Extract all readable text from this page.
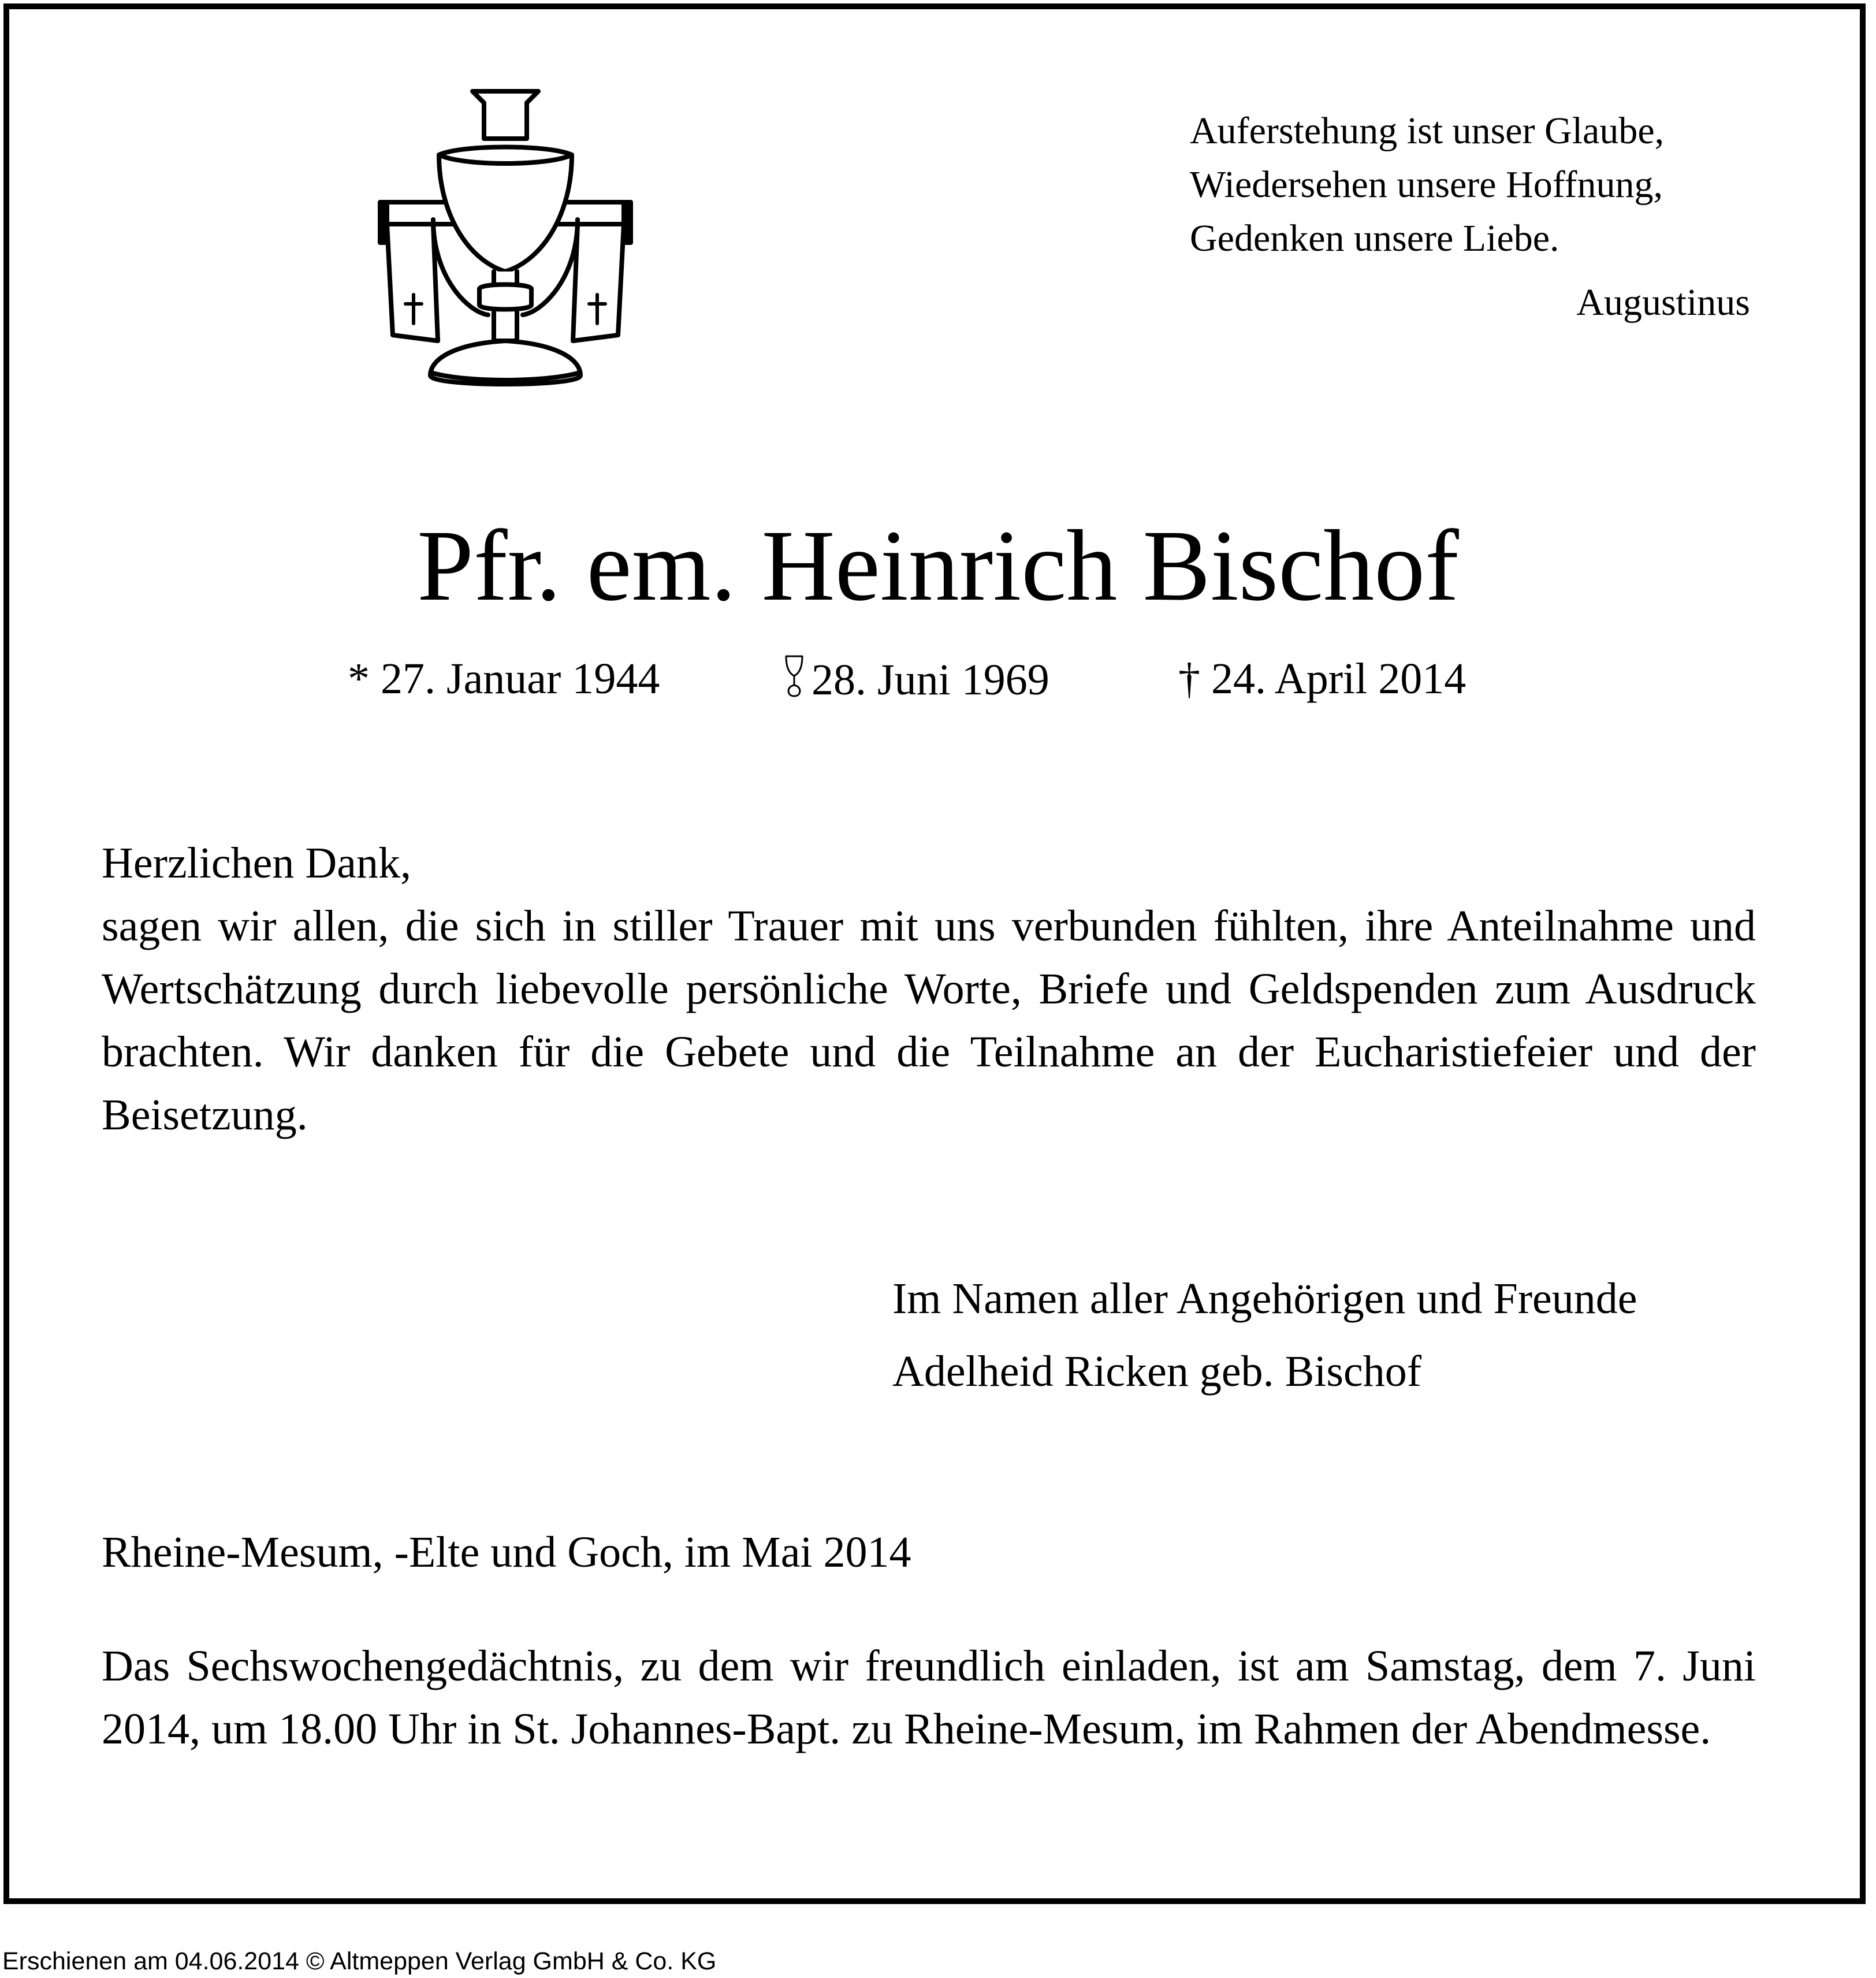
Auferstehung ist unser Glaube,
Wiedersehen unsere Hoffnung,
Gedenken unsere Liebe.
Augustinus
Pfr. em. Heinrich Bischof
* 27. Januar 1944	28. Juni 1969	† 24. April 2014
Herzlichen Dank,
sagen wir allen, die sich in stiller Trauer mit uns verbunden fühlten, ihre Anteilnahme und Wertschätzung durch liebevolle persönliche Worte, Briefe und Geldspenden zum Ausdruck brachten. Wir danken für die Gebete und die Teilnahme an der Eucharistiefeier und der Beisetzung.
Im Namen aller Angehörigen und Freunde
Adelheid Ricken geb. Bischof
Rheine-Mesum, -Elte und Goch, im Mai 2014
Das Sechswochengedächtnis, zu dem wir freundlich einladen, ist am Samstag, dem 7. Juni 2014, um 18.00 Uhr in St. Johannes-Bapt. zu Rheine-Mesum, im Rahmen der Abendmesse.
Erschienen am 04.06.2014 © Altmeppen Verlag GmbH & Co. KG
